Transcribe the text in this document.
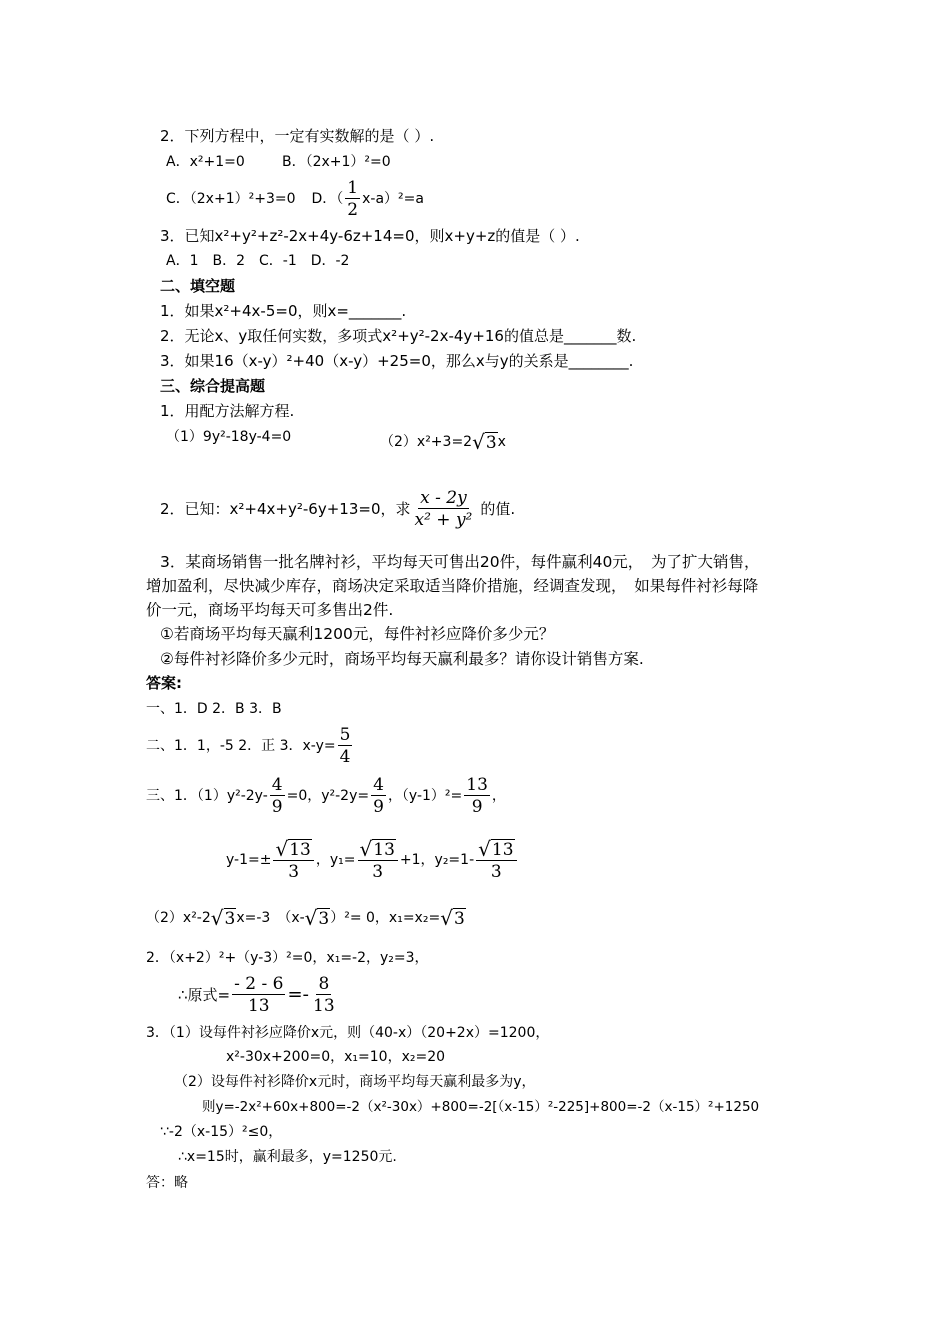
2．下列方程中，一定有实数解的是（ ）.
A．x²+1=0	B．（2x+1）²=0
C．（2x+1）²+3=0 D．（ $\frac{1}{2} x-a)^2=a$
3．已知x²+y²+z²-2x+4y-6z+14=0，则x+y+z的值是（ ）.
A．1　B．2　C．-1　D．-2
二、填空题
1．如果x²+4x-5=0，则x=_______.
2．无论x、y取任何实数，多项式x²+y²-2x-4y+16的值总是_______数.
3．如果16（x-y）²+40（x-y）+25=0，那么x与y的关系是________.
三、综合提高题
1．用配方法解方程.
（1）9y²-18y-4=0	（2）x²+3=2 √ 3 x
2．已知：x²+4x+y²-6y+13=0，求 $\frac{x - 2y}{\text{x² + y²}}$ 的值.
3．某商场销售一批名牌衬衫，平均每天可售出20件，每件赢利40元，　为了扩大销售，
增加盈利，尽快减少库存，商场决定采取适当降价措施，经调查发现，　如果每件衬衫每降
价一元，商场平均每天可多售出2件.
①若商场平均每天赢利1200元，每件衬衫应降价多少元？
②每件衬衫降价多少元时，商场平均每天赢利最多？请你设计销售方案.
答案:
一、1．D 2．B 3．B
二、1．1，-5 2．正 3．$x-y= \frac{5}{4}$
三、1．$(1)y^2-2y- \frac{4}{9} =0$，$y^2-2y= \frac{4}{9}$ ，$(y-1)^2= \frac{13}{9}$ ，
$y-1=\pm \frac{√ 13}{3}$ ，$y_1= \frac{√ 13}{3} +1$，$y_2=1- \frac{√ 13}{3}$
（2）x²-2 √ 3 x=-3　（x- √ 3 ）²= 0，x₁=x₂= √ 3
2．（x+2）²+（y-3）²=0，x₁=-2，y₂=3，
∴原式= $\frac{- 2 - 6}{13} =- \frac{8}{13}$
3．（1）设每件衬衫应降价x元，则（40-x）（20+2x）=1200，
x²-30x+200=0，x₁=10，x₂=20
（2）设每件衬衫降价x元时，商场平均每天赢利最多为y，
则y=-2x²+60x+800=-2（x²-30x）+800=-2[（x-15）²-225]+800=-2（x-15）²+1250
∵-2（x-15）²≤0，
∴x=15时，赢利最多，y=1250元.
答：略
